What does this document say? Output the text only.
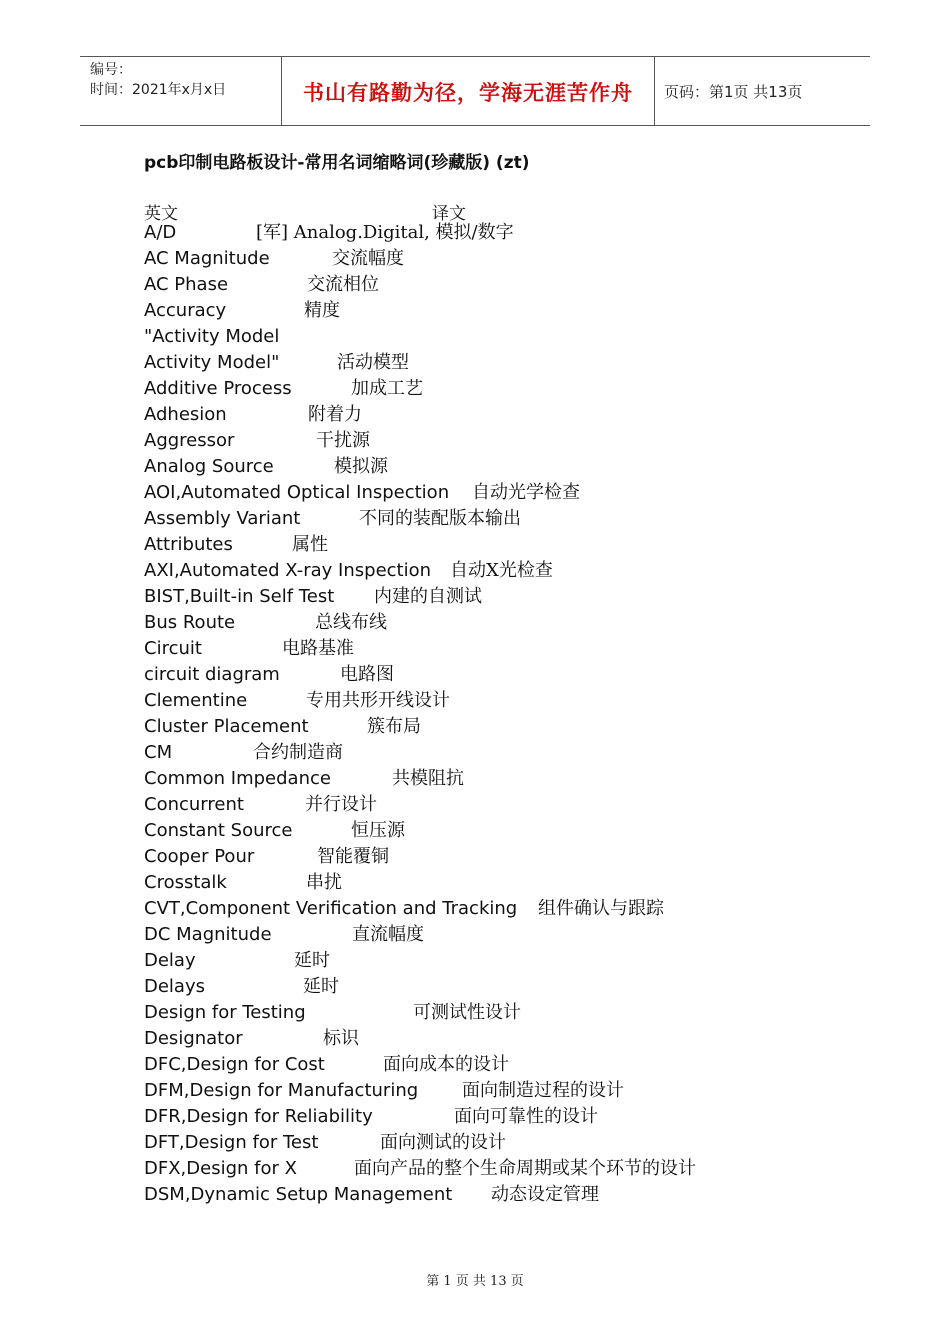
编号：
时间：2021年x月x日	书山有路勤为径，学海无涯苦作舟	页码：第1页 共13页
pcb印制电路板设计-常用名词缩略词(珍藏版) (zt)
英文	译文
A/D	[军] Analog.Digital, 模拟/数字
AC Magnitude	交流幅度
AC Phase	交流相位
Accuracy	精度
"Activity Model
Activity Model"	活动模型
Additive Process	加成工艺
Adhesion	附着力
Aggressor	干扰源
Analog Source	模拟源
AOI,Automated Optical Inspection 自动光学检查
Assembly Variant	不同的装配版本输出
Attributes	属性
AXI,Automated X-ray Inspection 自动X光检查
BIST,Built-in Self Test 内建的自测试
Bus Route	总线布线
Circuit	电路基准
circuit diagram	电路图
Clementine	专用共形开线设计
Cluster Placement	簇布局
CM	合约制造商
Common Impedance	共模阻抗
Concurrent	并行设计
Constant Source	恒压源
Cooper Pour	智能覆铜
Crosstalk	串扰
CVT,Component Verification and Tracking 组件确认与跟踪
DC Magnitude	直流幅度
Delay	延时
Delays	延时
Design for Testing	可测试性设计
Designator	标识
DFC,Design for Cost	面向成本的设计
DFM,Design for Manufacturing 面向制造过程的设计
DFR,Design for Reliability	面向可靠性的设计
DFT,Design for Test	面向测试的设计
DFX,Design for X	面向产品的整个生命周期或某个环节的设计
DSM,Dynamic Setup Management 动态设定管理
第 1 页 共 13 页
